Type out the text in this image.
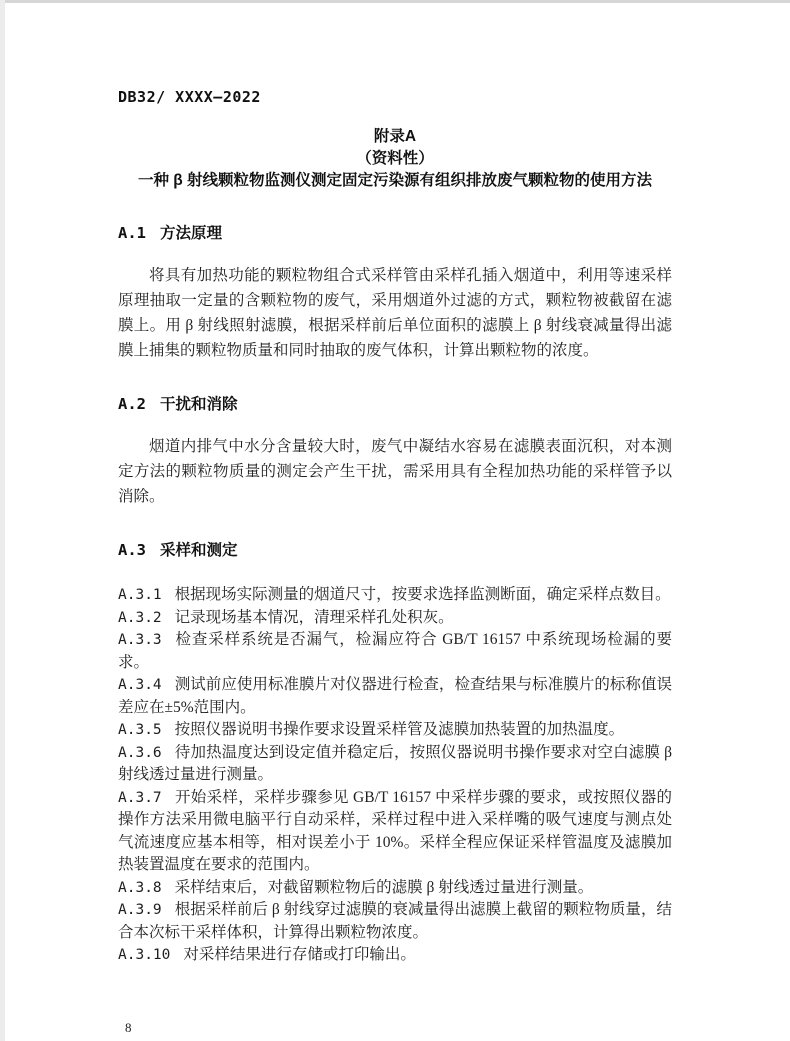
DB32/ XXXX—2022
附录A
（资料性）
一种 β 射线颗粒物监测仪测定固定污染源有组织排放废气颗粒物的使用方法
A.1 方法原理

将具有加热功能的颗粒物组合式采样管由采样孔插入烟道中，利用等速采样原理抽取一定量的含颗粒物的废气，采用烟道外过滤的方式，颗粒物被截留在滤膜上。用 β 射线照射滤膜，根据采样前后单位面积的滤膜上 β 射线衰减量得出滤膜上捕集的颗粒物质量和同时抽取的废气体积，计算出颗粒物的浓度。

A.2 干扰和消除

烟道内排气中水分含量较大时，废气中凝结水容易在滤膜表面沉积，对本测定方法的颗粒物质量的测定会产生干扰，需采用具有全程加热功能的采样管予以消除。

A.3 采样和测定

A.3.1 根据现场实际测量的烟道尺寸，按要求选择监测断面，确定采样点数目。

A.3.2 记录现场基本情况，清理采样孔处积灰。

A.3.3 检查采样系统是否漏气，检漏应符合 GB/T 16157 中系统现场检漏的要求。

A.3.4 测试前应使用标准膜片对仪器进行检查，检查结果与标准膜片的标称值误差应在±5%范围内。

A.3.5 按照仪器说明书操作要求设置采样管及滤膜加热装置的加热温度。

A.3.6 待加热温度达到设定值并稳定后，按照仪器说明书操作要求对空白滤膜 β 射线透过量进行测量。

A.3.7 开始采样，采样步骤参见 GB/T 16157 中采样步骤的要求，或按照仪器的操作方法采用微电脑平行自动采样，采样过程中进入采样嘴的吸气速度与测点处气流速度应基本相等，相对误差小于 10%。采样全程应保证采样管温度及滤膜加热装置温度在要求的范围内。

A.3.8 采样结束后，对截留颗粒物后的滤膜 β 射线透过量进行测量。

A.3.9 根据采样前后 β 射线穿过滤膜的衰减量得出滤膜上截留的颗粒物质量，结合本次标干采样体积，计算得出颗粒物浓度。

A.3.10 对采样结果进行存储或打印输出。

8
